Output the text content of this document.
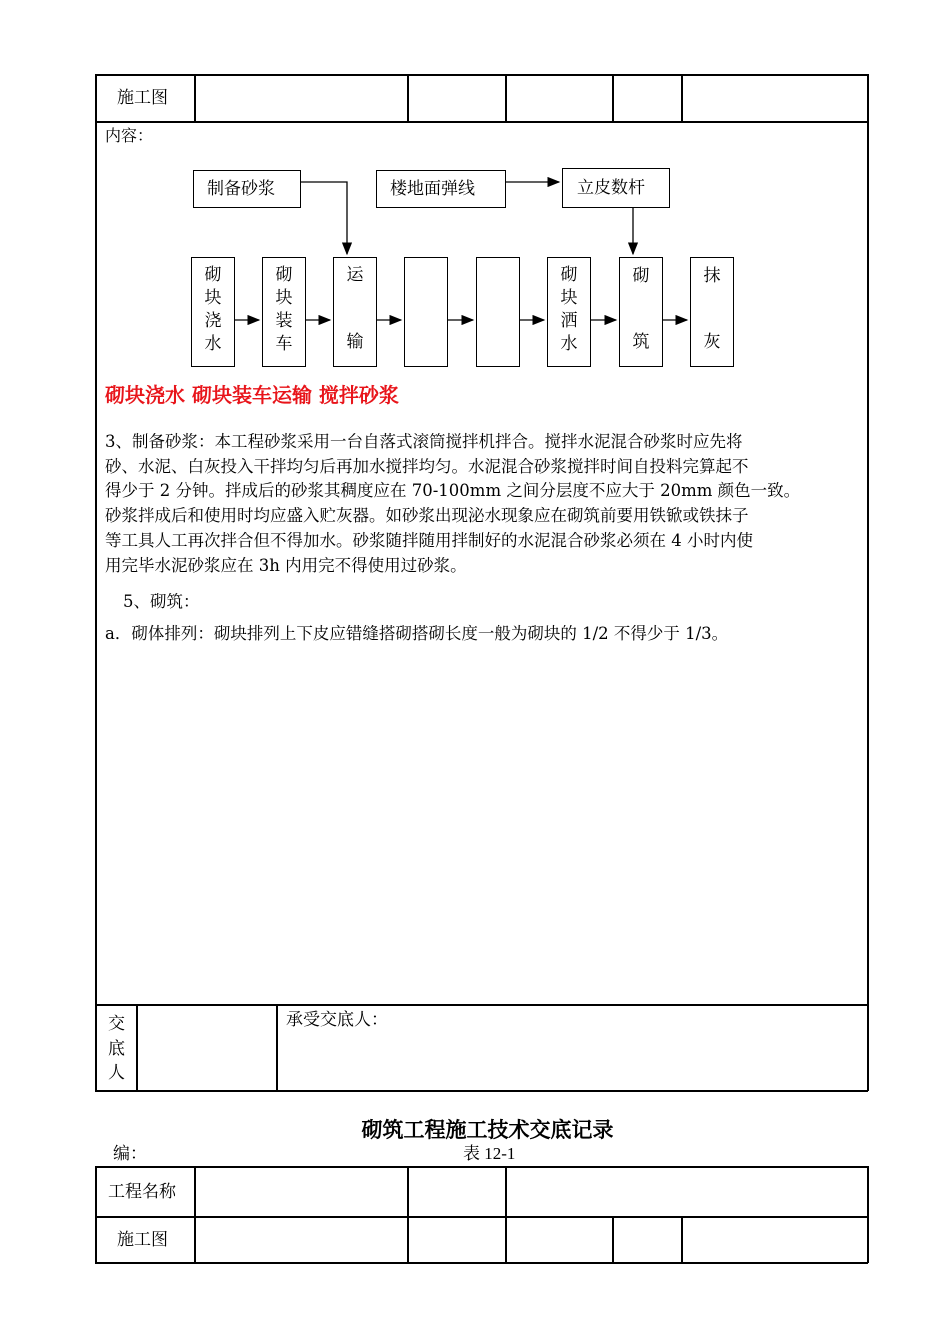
施工图
内容：
制备砂浆	楼地面弹线	立皮数杆
砌
块
浇
水
砌
块
装
车
运
输
砌
块
洒
水
砌
筑
抹
灰
砌块浇水 砌块装车运输 搅拌砂浆
3、制备砂浆：本工程砂浆采用一台自落式滚筒搅拌机拌合。搅拌水泥混合砂浆时应先将
砂、水泥、白灰投入干拌均匀后再加水搅拌均匀。水泥混合砂浆搅拌时间自投料完算起不
得少于 2 分钟。拌成后的砂浆其稠度应在 70-100mm 之间分层度不应大于 20mm 颜色一致。
砂浆拌成后和使用时均应盛入贮灰器。如砂浆出现泌水现象应在砌筑前要用铁锨或铁抹子
等工具人工再次拌合但不得加水。砂浆随拌随用拌制好的水泥混合砂浆必须在 4 小时内使
用完毕水泥砂浆应在 3h 内用完不得使用过砂浆。
5、砌筑：
a．砌体排列：砌块排列上下皮应错缝搭砌搭砌长度一般为砌块的 1/2 不得少于 1/3。
交
底
人
承受交底人：
砌筑工程施工技术交底记录
编：	表 12-1
工程名称
施工图
